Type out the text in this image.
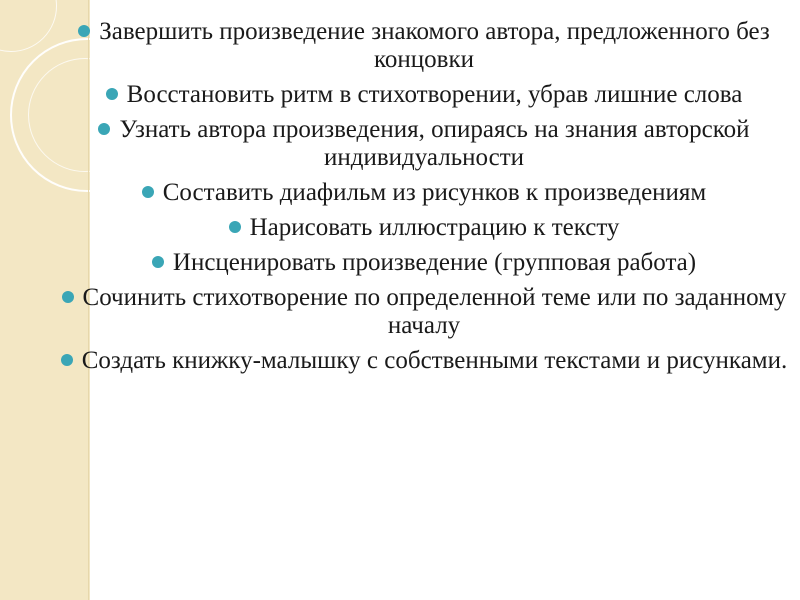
Завершить произведение знакомого автора, предложенного без концовки
Восстановить ритм в стихотворении, убрав лишние слова
Узнать автора произведения, опираясь на знания авторской индивидуальности
Составить диафильм из рисунков к произведениям
Нарисовать иллюстрацию к тексту
Инсценировать произведение (групповая работа)
Сочинить стихотворение по определенной теме или по заданному началу
Создать книжку-малышку с собственными текстами и рисунками.
